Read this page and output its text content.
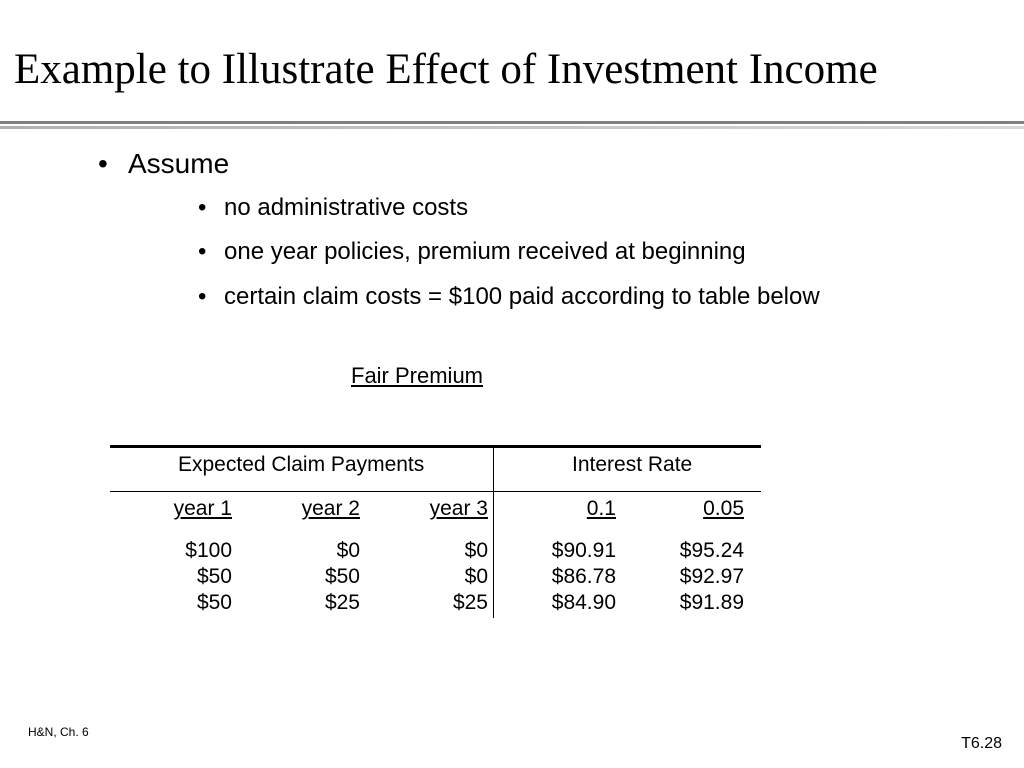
Example to Illustrate Effect of Investment Income
• Assume
• no administrative costs
• one year policies, premium received at beginning
• certain claim costs = $100 paid according to table below
Fair Premium
Expected Claim Payments	Interest Rate
year 1	year 2	year 3	0.1	0.05
$100	$0	$0	$90.91	$95.24
$50	$50	$0	$86.78	$92.97
$50	$25	$25	$84.90	$91.89
H&N, Ch. 6
T6.28
